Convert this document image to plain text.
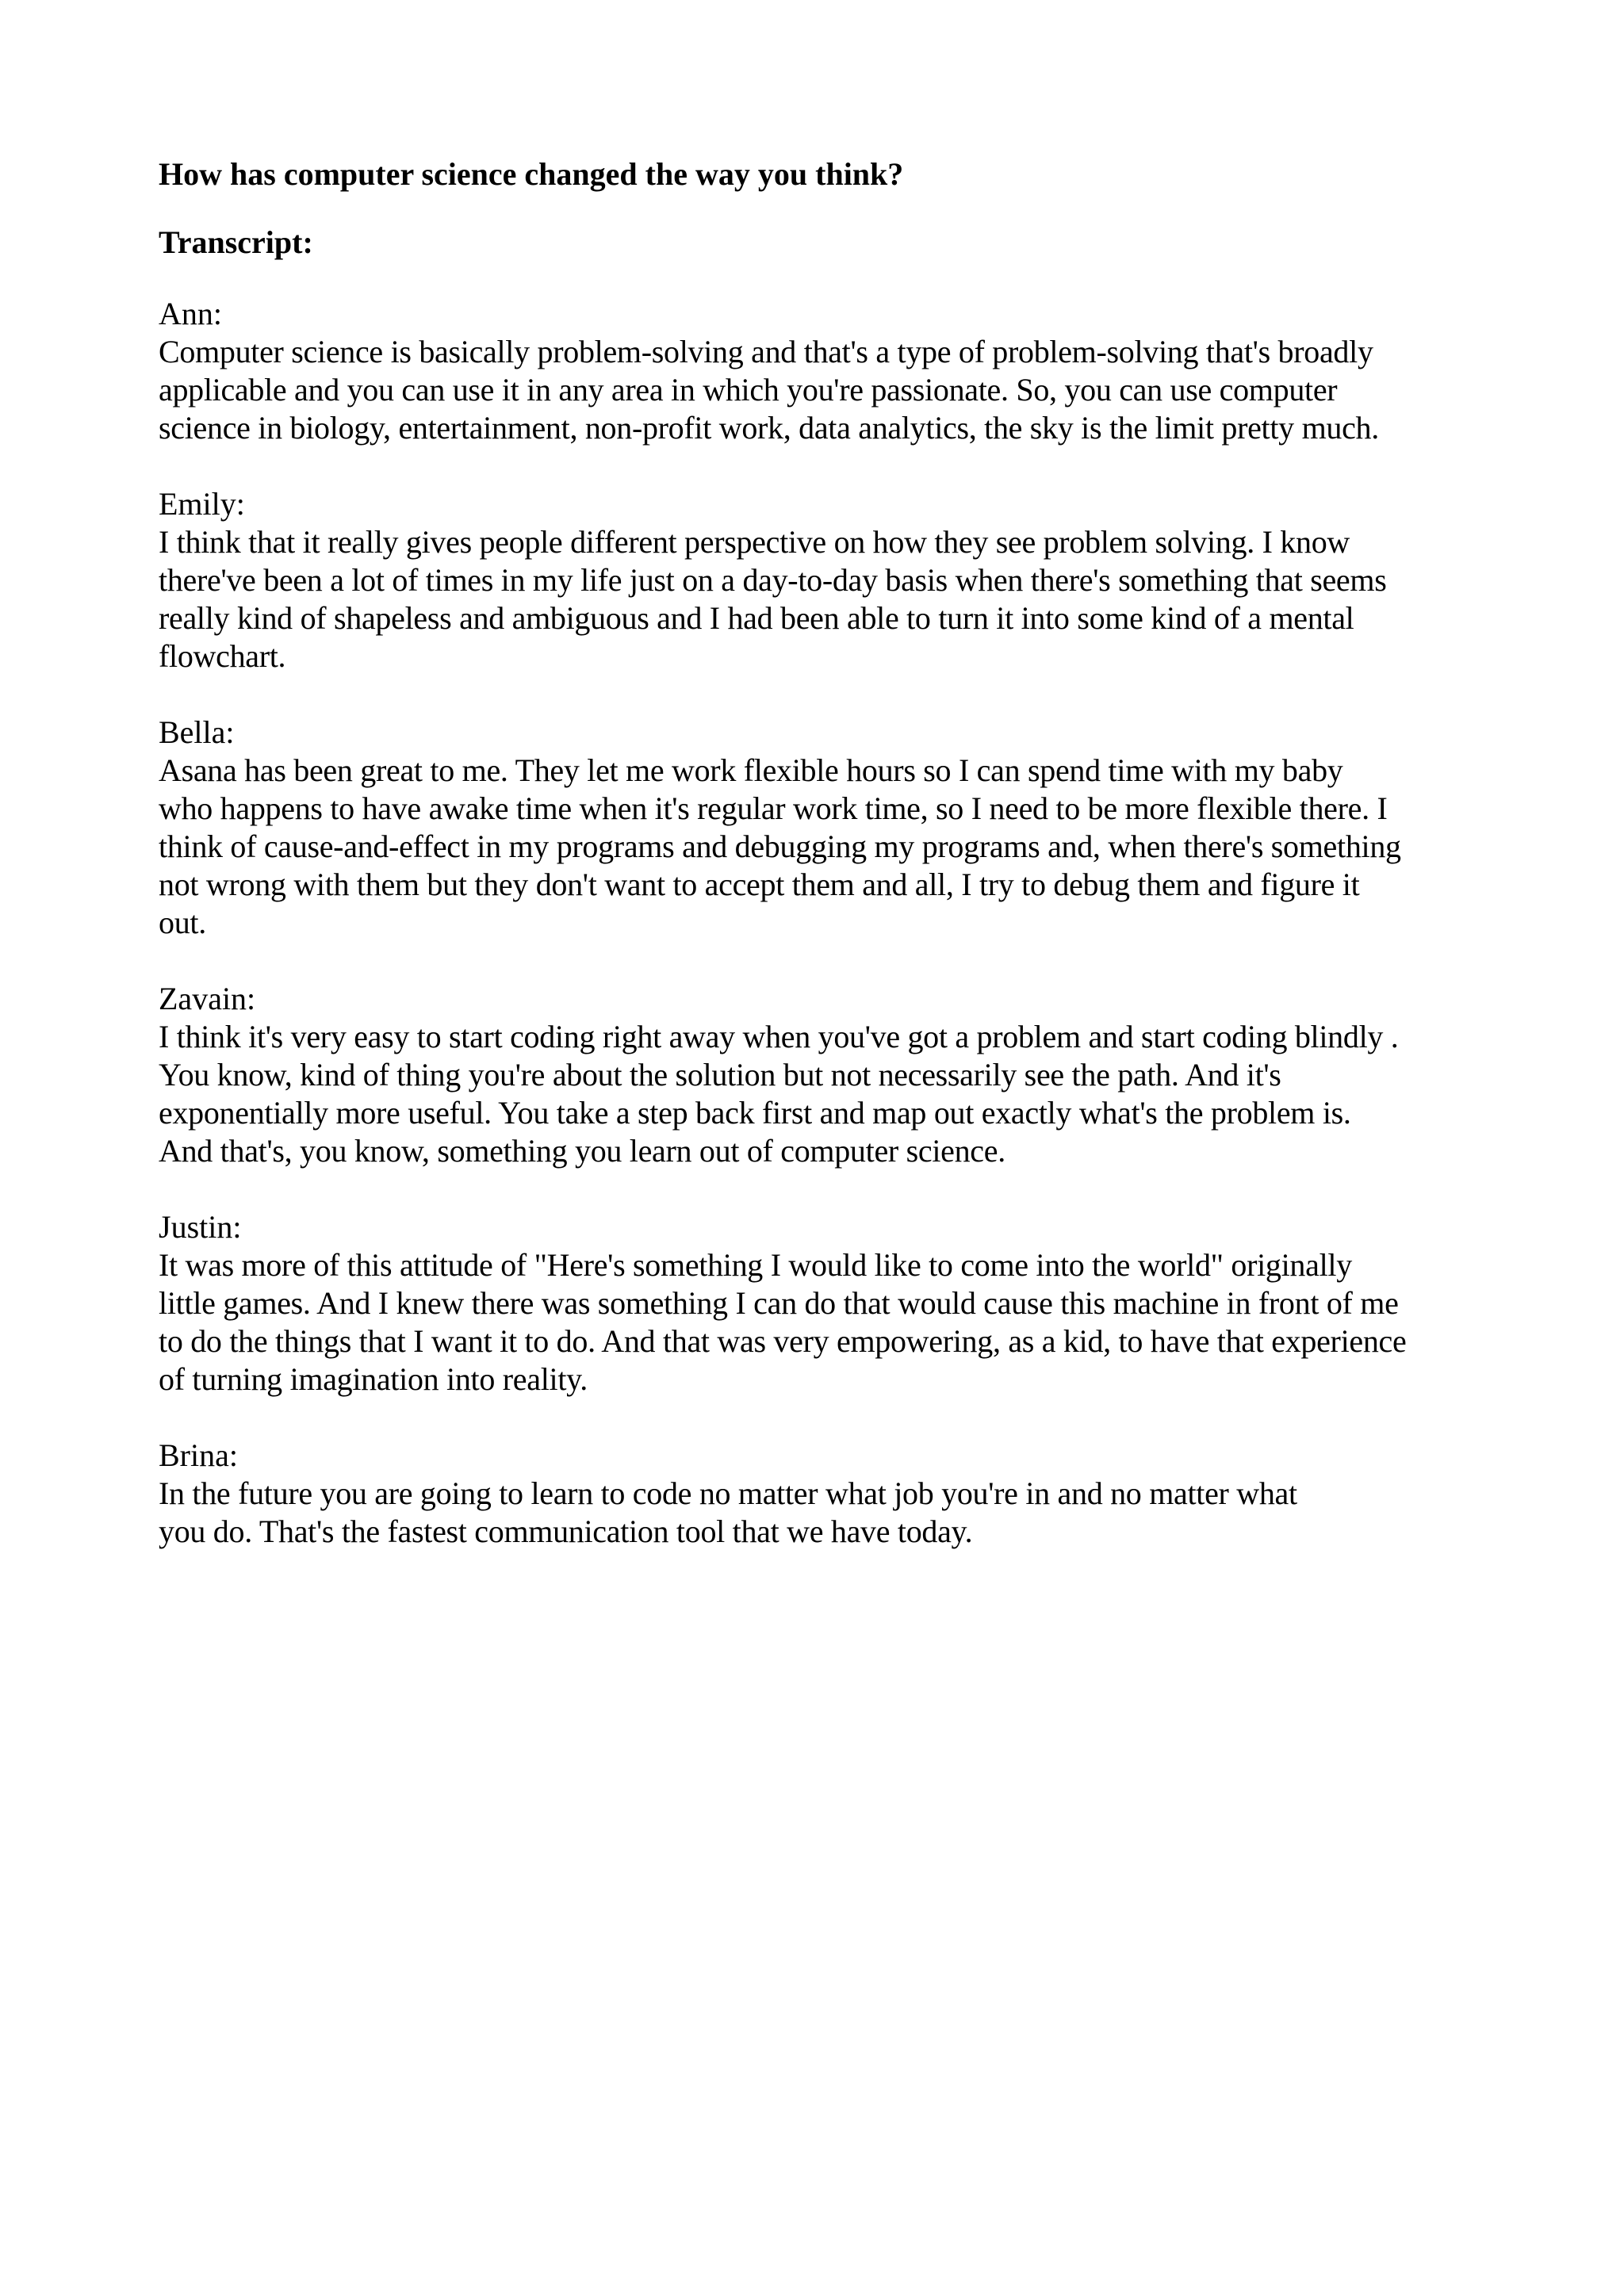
How has computer science changed the way you think?

Transcript:

Ann:

Computer science is basically problem-solving and that's a type of problem-solving that's broadly

applicable and you can use it in any area in which you're passionate. So, you can use computer

science in biology, entertainment, non-profit work, data analytics, the sky is the limit pretty much.

Emily:

I think that it really gives people different perspective on how they see problem solving. I know

there've been a lot of times in my life just on a day-to-day basis when there's something that seems

really kind of shapeless and ambiguous and I had been able to turn it into some kind of a mental

flowchart.

Bella:

Asana has been great to me. They let me work flexible hours so I can spend time with my baby

who happens to have awake time when it's regular work time, so I need to be more flexible there. I

think of cause-and-effect in my programs and debugging my programs and, when there's something

not wrong with them but they don't want to accept them and all, I try to debug them and figure it

out.

Zavain:

I think it's very easy to start coding right away when you've got a problem and start coding blindly .

You know, kind of thing you're about the solution but not necessarily see the path. And it's

exponentially more useful. You take a step back first and map out exactly what's the problem is.

And that's, you know, something you learn out of computer science.

Justin:

It was more of this attitude of "Here's something I would like to come into the world" originally

little games. And I knew there was something I can do that would cause this machine in front of me

to do the things that I want it to do. And that was very empowering, as a kid, to have that experience

of turning imagination into reality.

Brina:

In the future you are going to learn to code no matter what job you're in and no matter what

you do. That's the fastest communication tool that we have today.
